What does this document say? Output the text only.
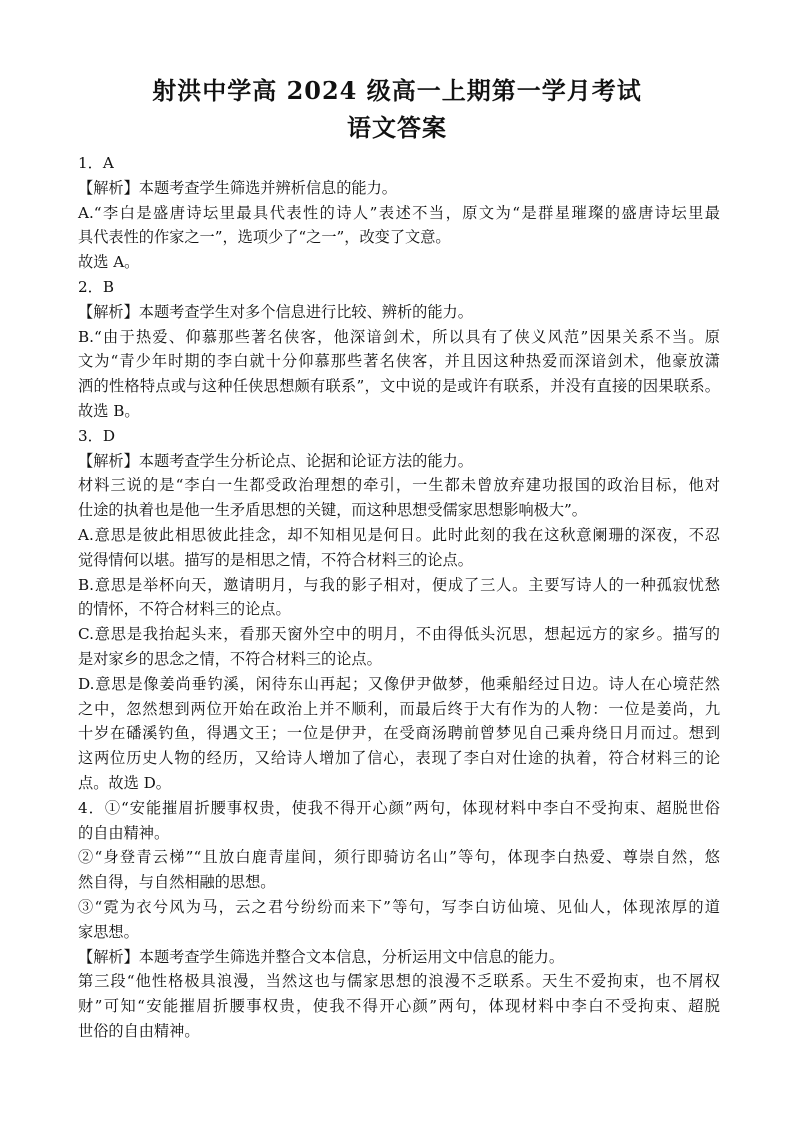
射洪中学高 2024 级高一上期第一学月考试
语文答案
1．A
【解析】本题考查学生筛选并辨析信息的能力。
A.“李白是盛唐诗坛里最具代表性的诗人”表述不当，原文为“是群星璀璨的盛唐诗坛里最
具代表性的作家之一”，选项少了“之一”，改变了文意。
故选 A。
2．B
【解析】本题考查学生对多个信息进行比较、辨析的能力。
B.“由于热爱、仰慕那些著名侠客，他深谙剑术，所以具有了侠义风范”因果关系不当。原
文为“青少年时期的李白就十分仰慕那些著名侠客，并且因这种热爱而深谙剑术，他豪放潇
洒的性格特点或与这种任侠思想颇有联系”，文中说的是或许有联系，并没有直接的因果联系。
故选 B。
3．D
【解析】本题考查学生分析论点、论据和论证方法的能力。
材料三说的是“李白一生都受政治理想的牵引，一生都未曾放弃建功报国的政治目标，他对
仕途的执着也是他一生矛盾思想的关键，而这种思想受儒家思想影响极大”。
A.意思是彼此相思彼此挂念，却不知相见是何日。此时此刻的我在这秋意阑珊的深夜，不忍
觉得情何以堪。描写的是相思之情，不符合材料三的论点。
B.意思是举杯向天，邀请明月，与我的影子相对，便成了三人。主要写诗人的一种孤寂忧愁
的情怀，不符合材料三的论点。
C.意思是我抬起头来，看那天窗外空中的明月，不由得低头沉思，想起远方的家乡。描写的
是对家乡的思念之情，不符合材料三的论点。
D.意思是像姜尚垂钓溪，闲待东山再起；又像伊尹做梦，他乘船经过日边。诗人在心境茫然
之中，忽然想到两位开始在政治上并不顺利，而最后终于大有作为的人物：一位是姜尚，九
十岁在磻溪钓鱼，得遇文王；一位是伊尹，在受商汤聘前曾梦见自己乘舟绕日月而过。想到
这两位历史人物的经历，又给诗人增加了信心，表现了李白对仕途的执着，符合材料三的论
点。故选 D。
4．①“安能摧眉折腰事权贵，使我不得开心颜”两句，体现材料中李白不受拘束、超脱世俗
的自由精神。
②“身登青云梯”“且放白鹿青崖间，须行即骑访名山”等句，体现李白热爱、尊崇自然，悠
然自得，与自然相融的思想。
③“霓为衣兮风为马，云之君兮纷纷而来下”等句，写李白访仙境、见仙人，体现浓厚的道
家思想。
【解析】本题考查学生筛选并整合文本信息，分析运用文中信息的能力。
第三段“他性格极具浪漫，当然这也与儒家思想的浪漫不乏联系。天生不爱拘束，也不屑权
财”可知“安能摧眉折腰事权贵，使我不得开心颜”两句，体现材料中李白不受拘束、超脱
世俗的自由精神。
